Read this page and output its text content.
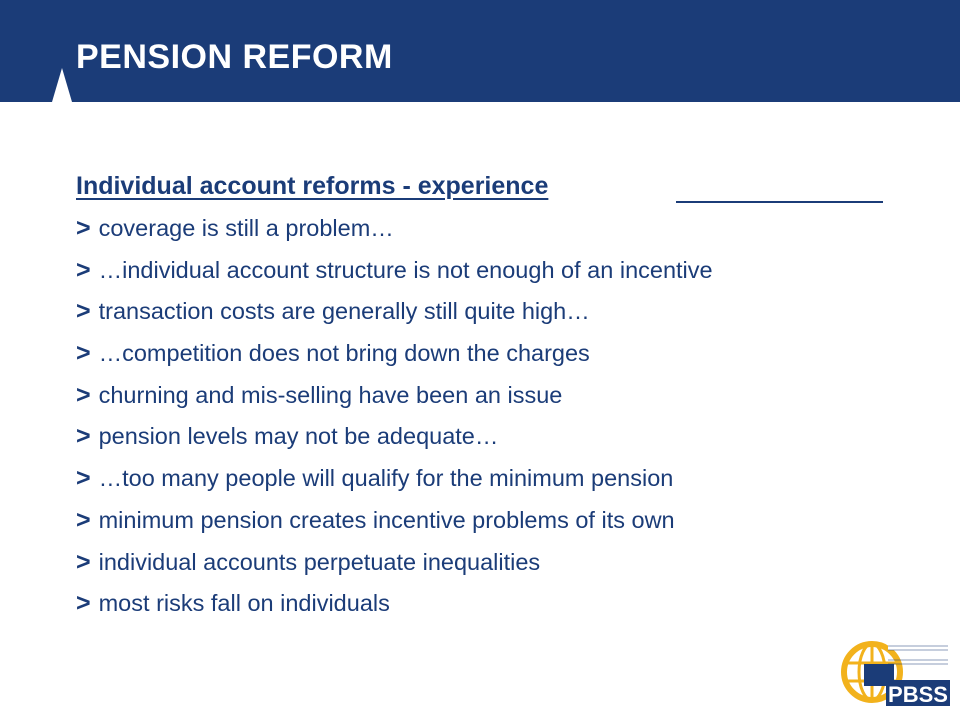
PENSION REFORM
Individual account reforms - experience
> coverage is still a problem…
> …individual account structure is not enough of an incentive
> transaction costs are generally still quite high…
> …competition does not bring down the charges
> churning and mis-selling have been an issue
> pension levels may not be adequate…
> …too many people will qualify for the minimum pension
> minimum pension creates incentive problems of its own
> individual accounts perpetuate inequalities
> most risks fall on individuals
PBSS
